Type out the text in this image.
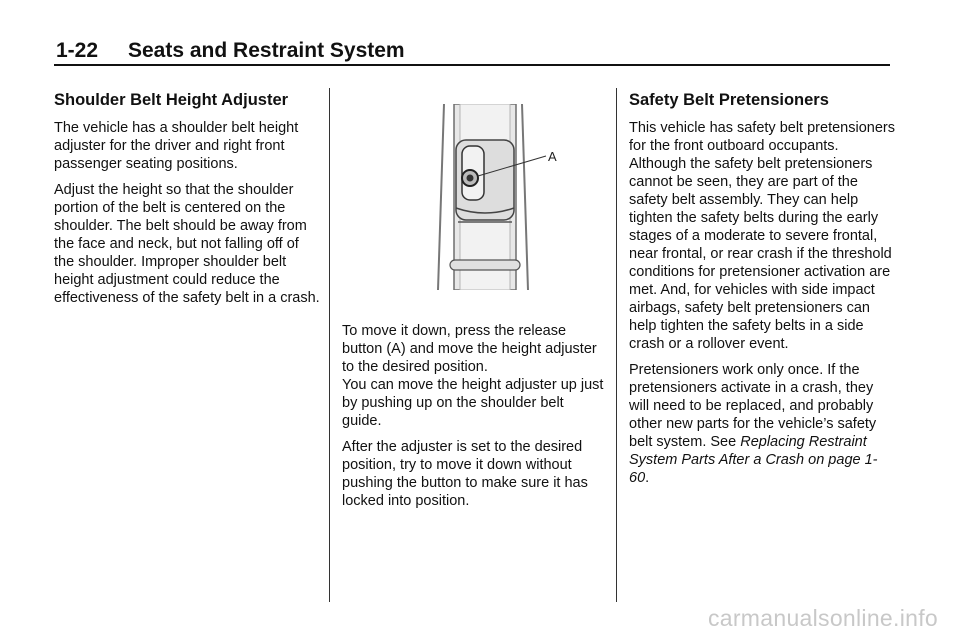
1-22 Seats and Restraint System
Shoulder Belt Height Adjuster

The vehicle has a shoulder belt height adjuster for the driver and right front passenger seating positions.

Adjust the height so that the shoulder portion of the belt is centered on the shoulder. The belt should be away from the face and neck, but not falling off of the shoulder. Improper shoulder belt height adjustment could reduce the effectiveness of the safety belt in a crash.

A

To move it down, press the release button (A) and move the height adjuster to the desired position.

You can move the height adjuster up just by pushing up on the shoulder belt guide.

After the adjuster is set to the desired position, try to move it down without pushing the button to make sure it has locked into position.

Safety Belt Pretensioners

This vehicle has safety belt pretensioners for the front outboard occupants. Although the safety belt pretensioners cannot be seen, they are part of the safety belt assembly. They can help tighten the safety belts during the early stages of a moderate to severe frontal, near frontal, or rear crash if the threshold conditions for pretensioner activation are met. And, for vehicles with side impact airbags, safety belt pretensioners can help tighten the safety belts in a side crash or a rollover event.

Pretensioners work only once. If the pretensioners activate in a crash, they will need to be replaced, and probably other new parts for the vehicle’s safety belt system. See Replacing Restraint System Parts After a Crash on page 1-60.

carmanualsonline.info
